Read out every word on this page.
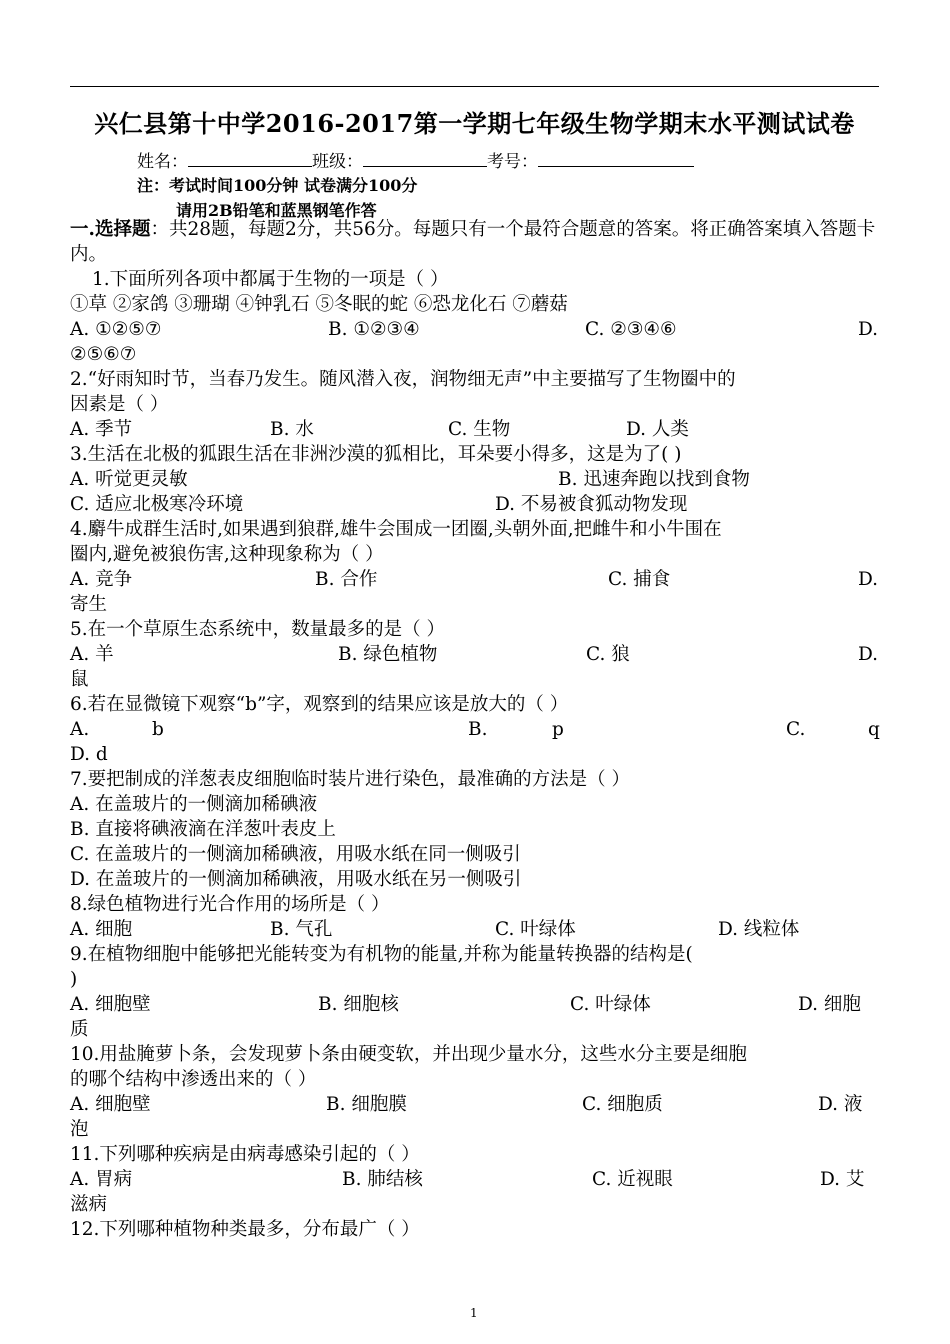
兴仁县第十中学2016-2017第一学期七年级生物学期末水平测试试卷
姓名：	班级：	考号：
注：考试时间100分钟 试卷满分100分
请用2B铅笔和蓝黑钢笔作答
一.选择题：共28题，每题2分，共56分。每题只有一个最符合题意的答案。将正确答案填入答题卡
内。
1.下面所列各项中都属于生物的一项是（ ）
①草 ②家鸽 ③珊瑚 ④钟乳石 ⑤冬眠的蛇 ⑥恐龙化石 ⑦蘑菇
A. ①②⑤⑦	B. ①②③④	C. ②③④⑥	D.
②⑤⑥⑦
2.“好雨知时节，当春乃发生。随风潜入夜，润物细无声”中主要描写了生物圈中的
因素是（ ）
A. 季节	B. 水	C. 生物	D. 人类
3.生活在北极的狐跟生活在非洲沙漠的狐相比，耳朵要小得多，这是为了( )
A. 听觉更灵敏	B. 迅速奔跑以找到食物
C. 适应北极寒冷环境	D. 不易被食狐动物发现
4.麝牛成群生活时,如果遇到狼群,雄牛会围成一团圈,头朝外面,把雌牛和小牛围在
圈内,避免被狼伤害,这种现象称为（ ）
A. 竞争	B. 合作	C. 捕食	D.
寄生
5.在一个草原生态系统中，数量最多的是（ ）
A. 羊	B. 绿色植物	C. 狼	D.
鼠
6.若在显微镜下观察“b”字，观察到的结果应该是放大的（ ）
A.	b	B.	p	C.	q
D. d
7.要把制成的洋葱表皮细胞临时装片进行染色，最准确的方法是（ ）
A. 在盖玻片的一侧滴加稀碘液
B. 直接将碘液滴在洋葱叶表皮上
C. 在盖玻片的一侧滴加稀碘液，用吸水纸在同一侧吸引
D. 在盖玻片的一侧滴加稀碘液，用吸水纸在另一侧吸引
8.绿色植物进行光合作用的场所是（ ）
A. 细胞	B. 气孔	C. 叶绿体	D. 线粒体
9.在植物细胞中能够把光能转变为有机物的能量,并称为能量转换器的结构是(
)
A. 细胞壁	B. 细胞核	C. 叶绿体	D. 细胞
质
10.用盐腌萝卜条，会发现萝卜条由硬变软，并出现少量水分，这些水分主要是细胞
的哪个结构中渗透出来的（ ）
A. 细胞壁	B. 细胞膜	C. 细胞质	D. 液
泡
11.下列哪种疾病是由病毒感染引起的（ ）
A. 胃病	B. 肺结核	C. 近视眼	D. 艾
滋病
12.下列哪种植物种类最多，分布最广（ ）
1
